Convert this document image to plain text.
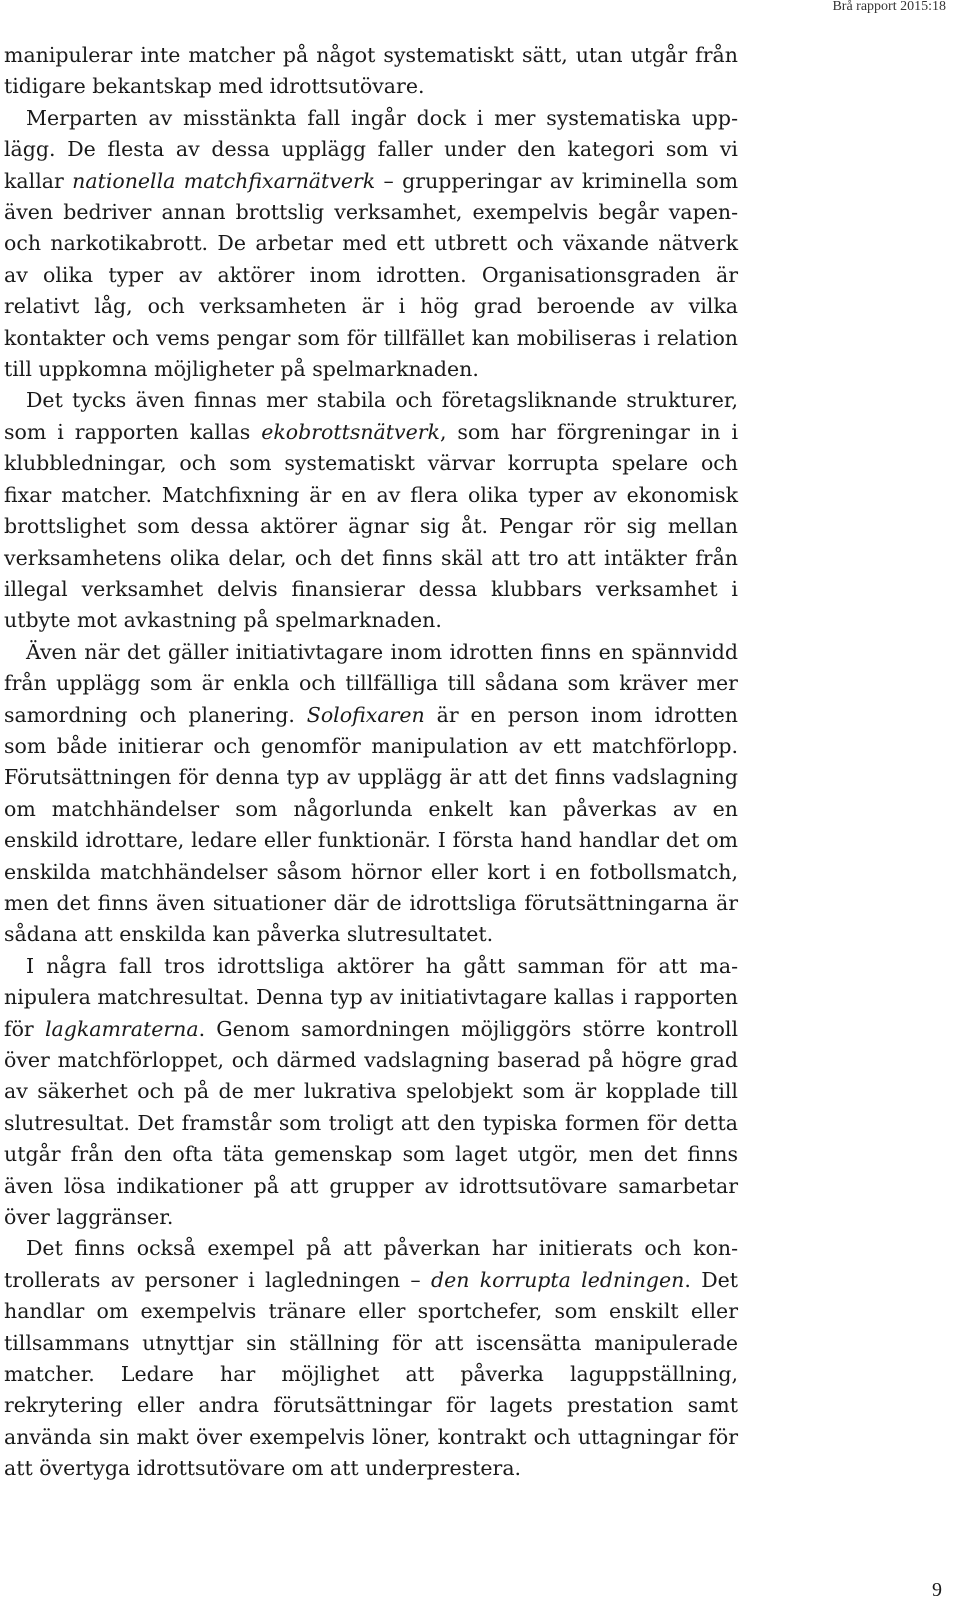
Brå rapport 2015:18

manipulerar inte matcher på något systematiskt sätt, utan utgår från tidigare bekantskap med idrottsutövare.

Merparten av misstänkta fall ingår dock i mer systematiska upplägg. De flesta av dessa upplägg faller under den kategori som vi kallar nationella matchfixarnätverk – grupperingar av kriminella som även bedriver annan brottslig verksamhet, exempelvis begår vapen- och narkotikabrott. De arbetar med ett utbrett och växande nätverk av olika typer av aktörer inom idrotten. Organisationsgraden är relativt låg, och verksamheten är i hög grad beroende av vilka kontakter och vems pengar som för tillfället kan mobiliseras i relation till uppkomna möjligheter på spelmarknaden.

Det tycks även finnas mer stabila och företagsliknande strukturer, som i rapporten kallas ekobrottsnätverk, som har förgreningar in i klubbledningar, och som systematiskt värvar korrupta spelare och fixar matcher. Matchfixning är en av flera olika typer av ekonomisk brottslighet som dessa aktörer ägnar sig åt. Pengar rör sig mellan verksamhetens olika delar, och det finns skäl att tro att intäkter från illegal verksamhet delvis finansierar dessa klubbars verksamhet i utbyte mot avkastning på spelmarknaden.

Även när det gäller initiativtagare inom idrotten finns en spännvidd från upplägg som är enkla och tillfälliga till sådana som kräver mer samordning och planering. Solofixaren är en person inom idrotten som både initierar och genomför manipulation av ett matchförlopp. Förutsättningen för denna typ av upplägg är att det finns vadslagning om matchhändelser som någorlunda enkelt kan påverkas av en enskild idrottare, ledare eller funktionär. I första hand handlar det om enskilda matchhändelser såsom hörnor eller kort i en fotbollsmatch, men det finns även situationer där de idrottsliga förutsättningarna är sådana att enskilda kan påverka slutresultatet.

I några fall tros idrottsliga aktörer ha gått samman för att manipulera matchresultat. Denna typ av initiativtagare kallas i rapporten för lagkamraterna. Genom samordningen möjliggörs större kontroll över matchförloppet, och därmed vadslagning baserad på högre grad av säkerhet och på de mer lukrativa spelobjekt som är kopplade till slutresultat. Det framstår som troligt att den typiska formen för detta utgår från den ofta täta gemenskap som laget utgör, men det finns även lösa indikationer på att grupper av idrottsutövare samarbetar över laggränser.

Det finns också exempel på att påverkan har initierats och kontrollerats av personer i lagledningen – den korrupta ledningen. Det handlar om exempelvis tränare eller sportchefer, som enskilt eller tillsammans utnyttjar sin ställning för att iscensätta manipulerade matcher. Ledare har möjlighet att påverka laguppställning, rekrytering eller andra förutsättningar för lagets prestation samt använda sin makt över exempelvis löner, kontrakt och uttagningar för att övertyga idrottsutövare om att underprestera.

9
